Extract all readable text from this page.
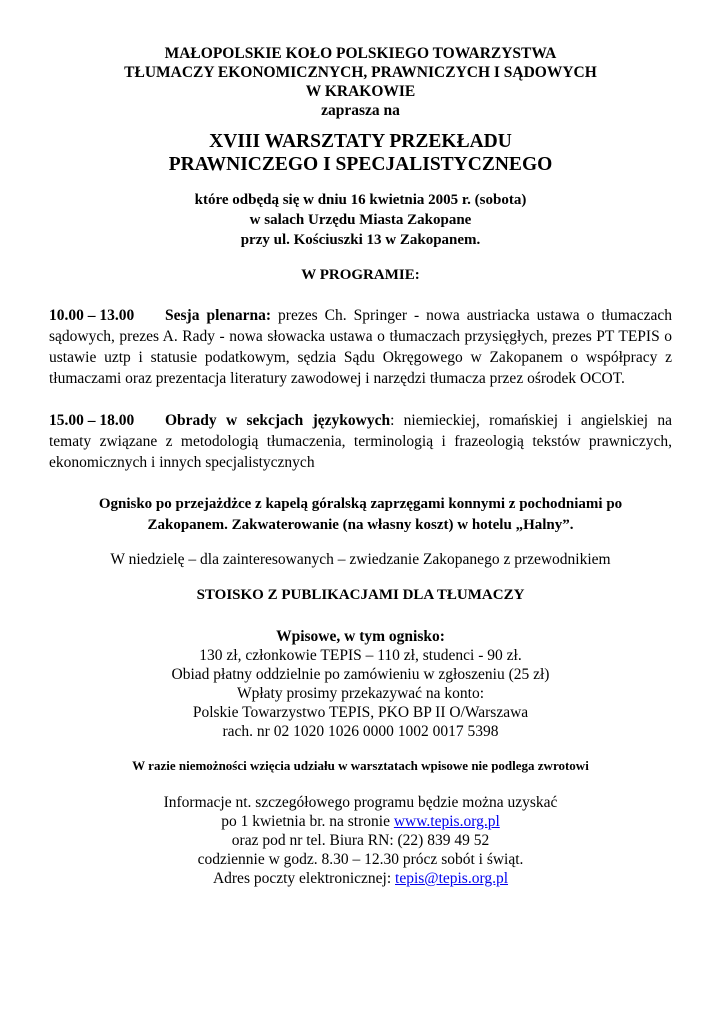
MAŁOPOLSKIE KOŁO POLSKIEGO TOWARZYSTWA
TŁUMACZY EKONOMICZNYCH, PRAWNICZYCH I SĄDOWYCH
W KRAKOWIE
zaprasza na
XVIII WARSZTATY PRZEKŁADU
PRAWNICZEGO I SPECJALISTYCZNEGO
które odbędą się w dniu 16 kwietnia 2005 r. (sobota)
w salach Urzędu Miasta Zakopane
przy ul. Kościuszki 13 w Zakopanem.
W PROGRAMIE:
10.00 – 13.00 Sesja plenarna: prezes Ch. Springer - nowa austriacka ustawa o tłumaczach sądowych, prezes A. Rady - nowa słowacka ustawa o tłumaczach przysięgłych, prezes PT TEPIS o ustawie uztp i statusie podatkowym, sędzia Sądu Okręgowego w Zakopanem o współpracy z tłumaczami oraz prezentacja literatury zawodowej i narzędzi tłumacza przez ośrodek OCOT.
15.00 – 18.00 Obrady w sekcjach językowych: niemieckiej, romańskiej i angielskiej na tematy związane z metodologią tłumaczenia, terminologią i frazeologią tekstów prawniczych, ekonomicznych i innych specjalistycznych
Ognisko po przejażdżce z kapelą góralską zaprzęgami konnymi z pochodniami po
Zakopanem. Zakwaterowanie (na własny koszt) w hotelu „Halny”.
W niedzielę – dla zainteresowanych – zwiedzanie Zakopanego z przewodnikiem
STOISKO Z PUBLIKACJAMI DLA TŁUMACZY
Wpisowe, w tym ognisko:
130 zł, członkowie TEPIS – 110 zł, studenci - 90 zł.
Obiad płatny oddzielnie po zamówieniu w zgłoszeniu (25 zł)
Wpłaty prosimy przekazywać na konto:
Polskie Towarzystwo TEPIS, PKO BP II O/Warszawa
rach. nr 02 1020 1026 0000 1002 0017 5398
W razie niemożności wzięcia udziału w warsztatach wpisowe nie podlega zwrotowi
Informacje nt. szczegółowego programu będzie można uzyskać
po 1 kwietnia br. na stronie www.tepis.org.pl
oraz pod nr tel. Biura RN: (22) 839 49 52
codziennie w godz. 8.30 – 12.30 prócz sobót i świąt.
Adres poczty elektronicznej: tepis@tepis.org.pl
